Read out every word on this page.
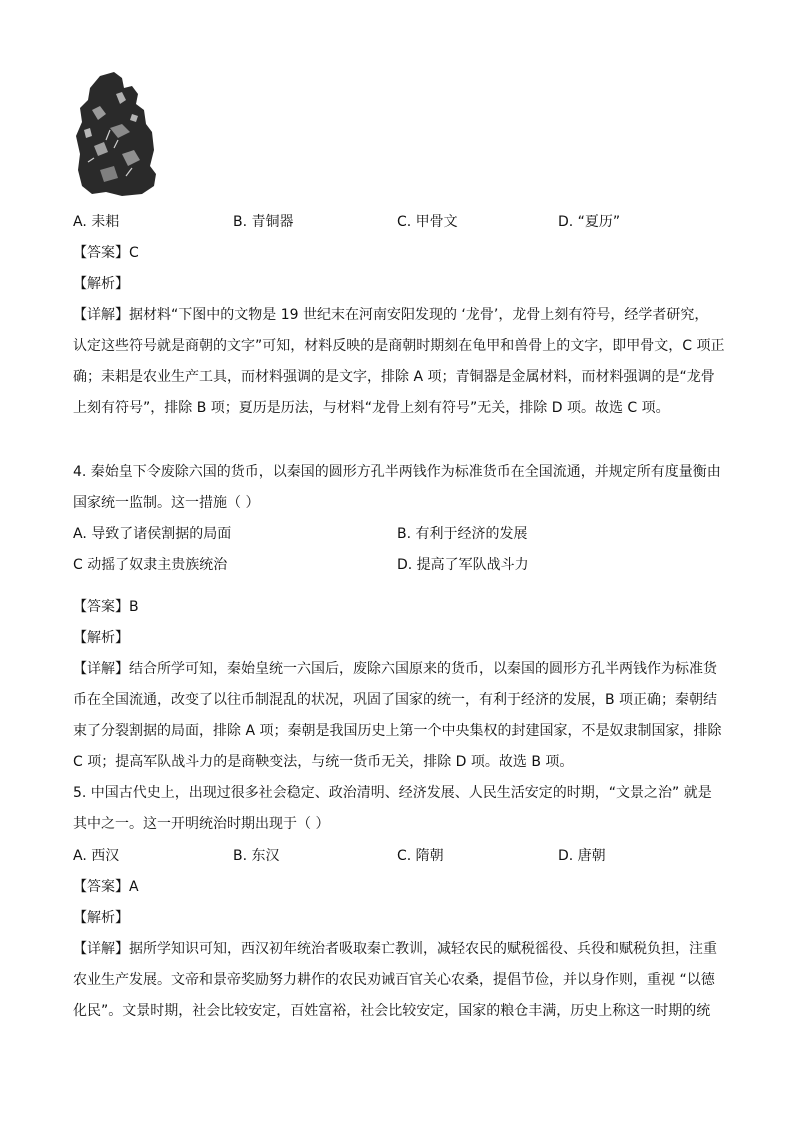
A. 耒耜	B. 青铜器	C. 甲骨文	D. “夏历”
【答案】C
【解析】
【详解】据材料“下图中的文物是 19 世纪末在河南安阳发现的 ‘龙骨’，龙骨上刻有符号，经学者研究，
认定这些符号就是商朝的文字”可知，材料反映的是商朝时期刻在龟甲和兽骨上的文字，即甲骨文，C 项正
确；耒耜是农业生产工具，而材料强调的是文字，排除 A 项；青铜器是金属材料，而材料强调的是“龙骨
上刻有符号”，排除 B 项；夏历是历法，与材料“龙骨上刻有符号”无关，排除 D 项。故选 C 项。
4. 秦始皇下令废除六国的货币，以秦国的圆形方孔半两钱作为标准货币在全国流通，并规定所有度量衡由
国家统一监制。这一措施（ ）
A. 导致了诸侯割据的局面	B. 有利于经济的发展
C 动摇了奴隶主贵族统治	D. 提高了军队战斗力
【答案】B
【解析】
【详解】结合所学可知，秦始皇统一六国后，废除六国原来的货币，以秦国的圆形方孔半两钱作为标准货
币在全国流通，改变了以往币制混乱的状况，巩固了国家的统一，有利于经济的发展，B 项正确；秦朝结
束了分裂割据的局面，排除 A 项；秦朝是我国历史上第一个中央集权的封建国家，不是奴隶制国家，排除
C 项；提高军队战斗力的是商鞅变法，与统一货币无关，排除 D 项。故选 B 项。
5. 中国古代史上，出现过很多社会稳定、政治清明、经济发展、人民生活安定的时期，“文景之治” 就是
其中之一。这一开明统治时期出现于（ ）
A. 西汉	B. 东汉	C. 隋朝	D. 唐朝
【答案】A
【解析】
【详解】据所学知识可知，西汉初年统治者吸取秦亡教训，减轻农民的赋税徭役、兵役和赋税负担，注重
农业生产发展。文帝和景帝奖励努力耕作的农民劝诫百官关心农桑，提倡节俭，并以身作则，重视 “以德
化民”。文景时期，社会比较安定，百姓富裕，社会比较安定，国家的粮仓丰满，历史上称这一时期的统
